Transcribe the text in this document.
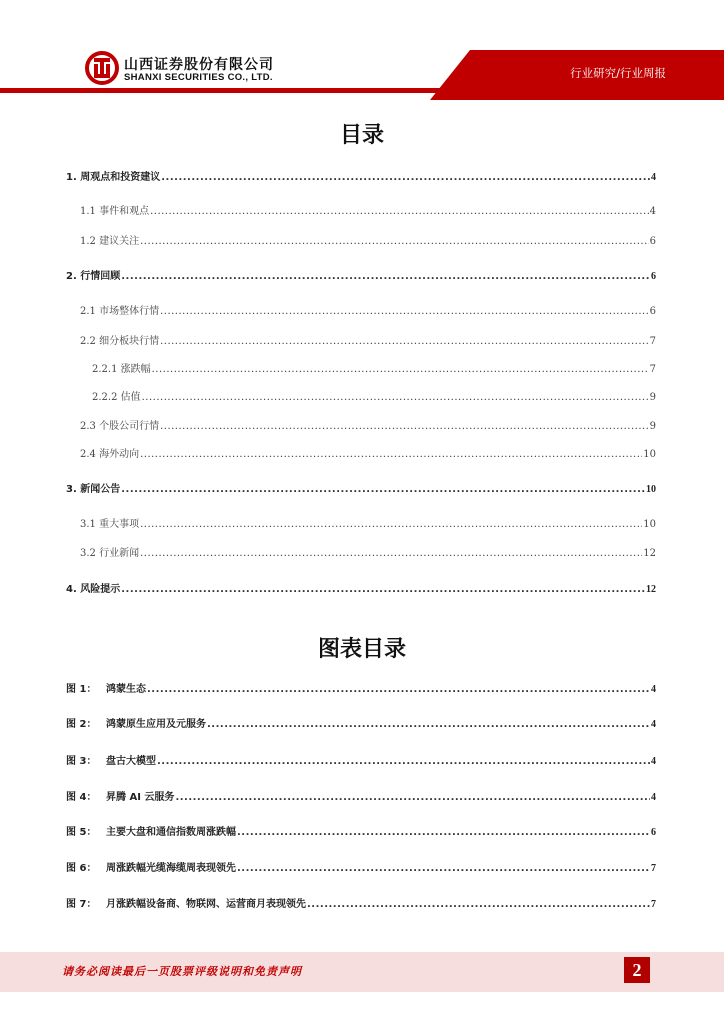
山西证券股份有限公司
SHANXI SECURITIES CO., LTD.	行业研究/行业周报
目录
1. 周观点和投资建议 .....	4
1.1 事件和观点 .....	4
1.2 建议关注 .....	6
2. 行情回顾 .....	6
2.1 市场整体行情 .....	6
2.2 细分板块行情 .....	7
2.2.1 涨跌幅 .....	7
2.2.2 估值 .....	9
2.3 个股公司行情 .....	9
2.4 海外动向 .....	10
3. 新闻公告 .....	10
3.1 重大事项 .....	10
3.2 行业新闻 .....	12
4. 风险提示 .....	12
图表目录
图 1： 鸿蒙生态 .....	4
图 2： 鸿蒙原生应用及元服务 .....	4
图 3： 盘古大模型 .....	4
图 4： 昇腾 AI 云服务 .....	4
图 5： 主要大盘和通信指数周涨跌幅 .....	6
图 6： 周涨跌幅光缆海缆周表现领先 .....	7
图 7： 月涨跌幅设备商、物联网、运营商月表现领先 .....	7
请务必阅读最后一页股票评级说明和免责声明	2
